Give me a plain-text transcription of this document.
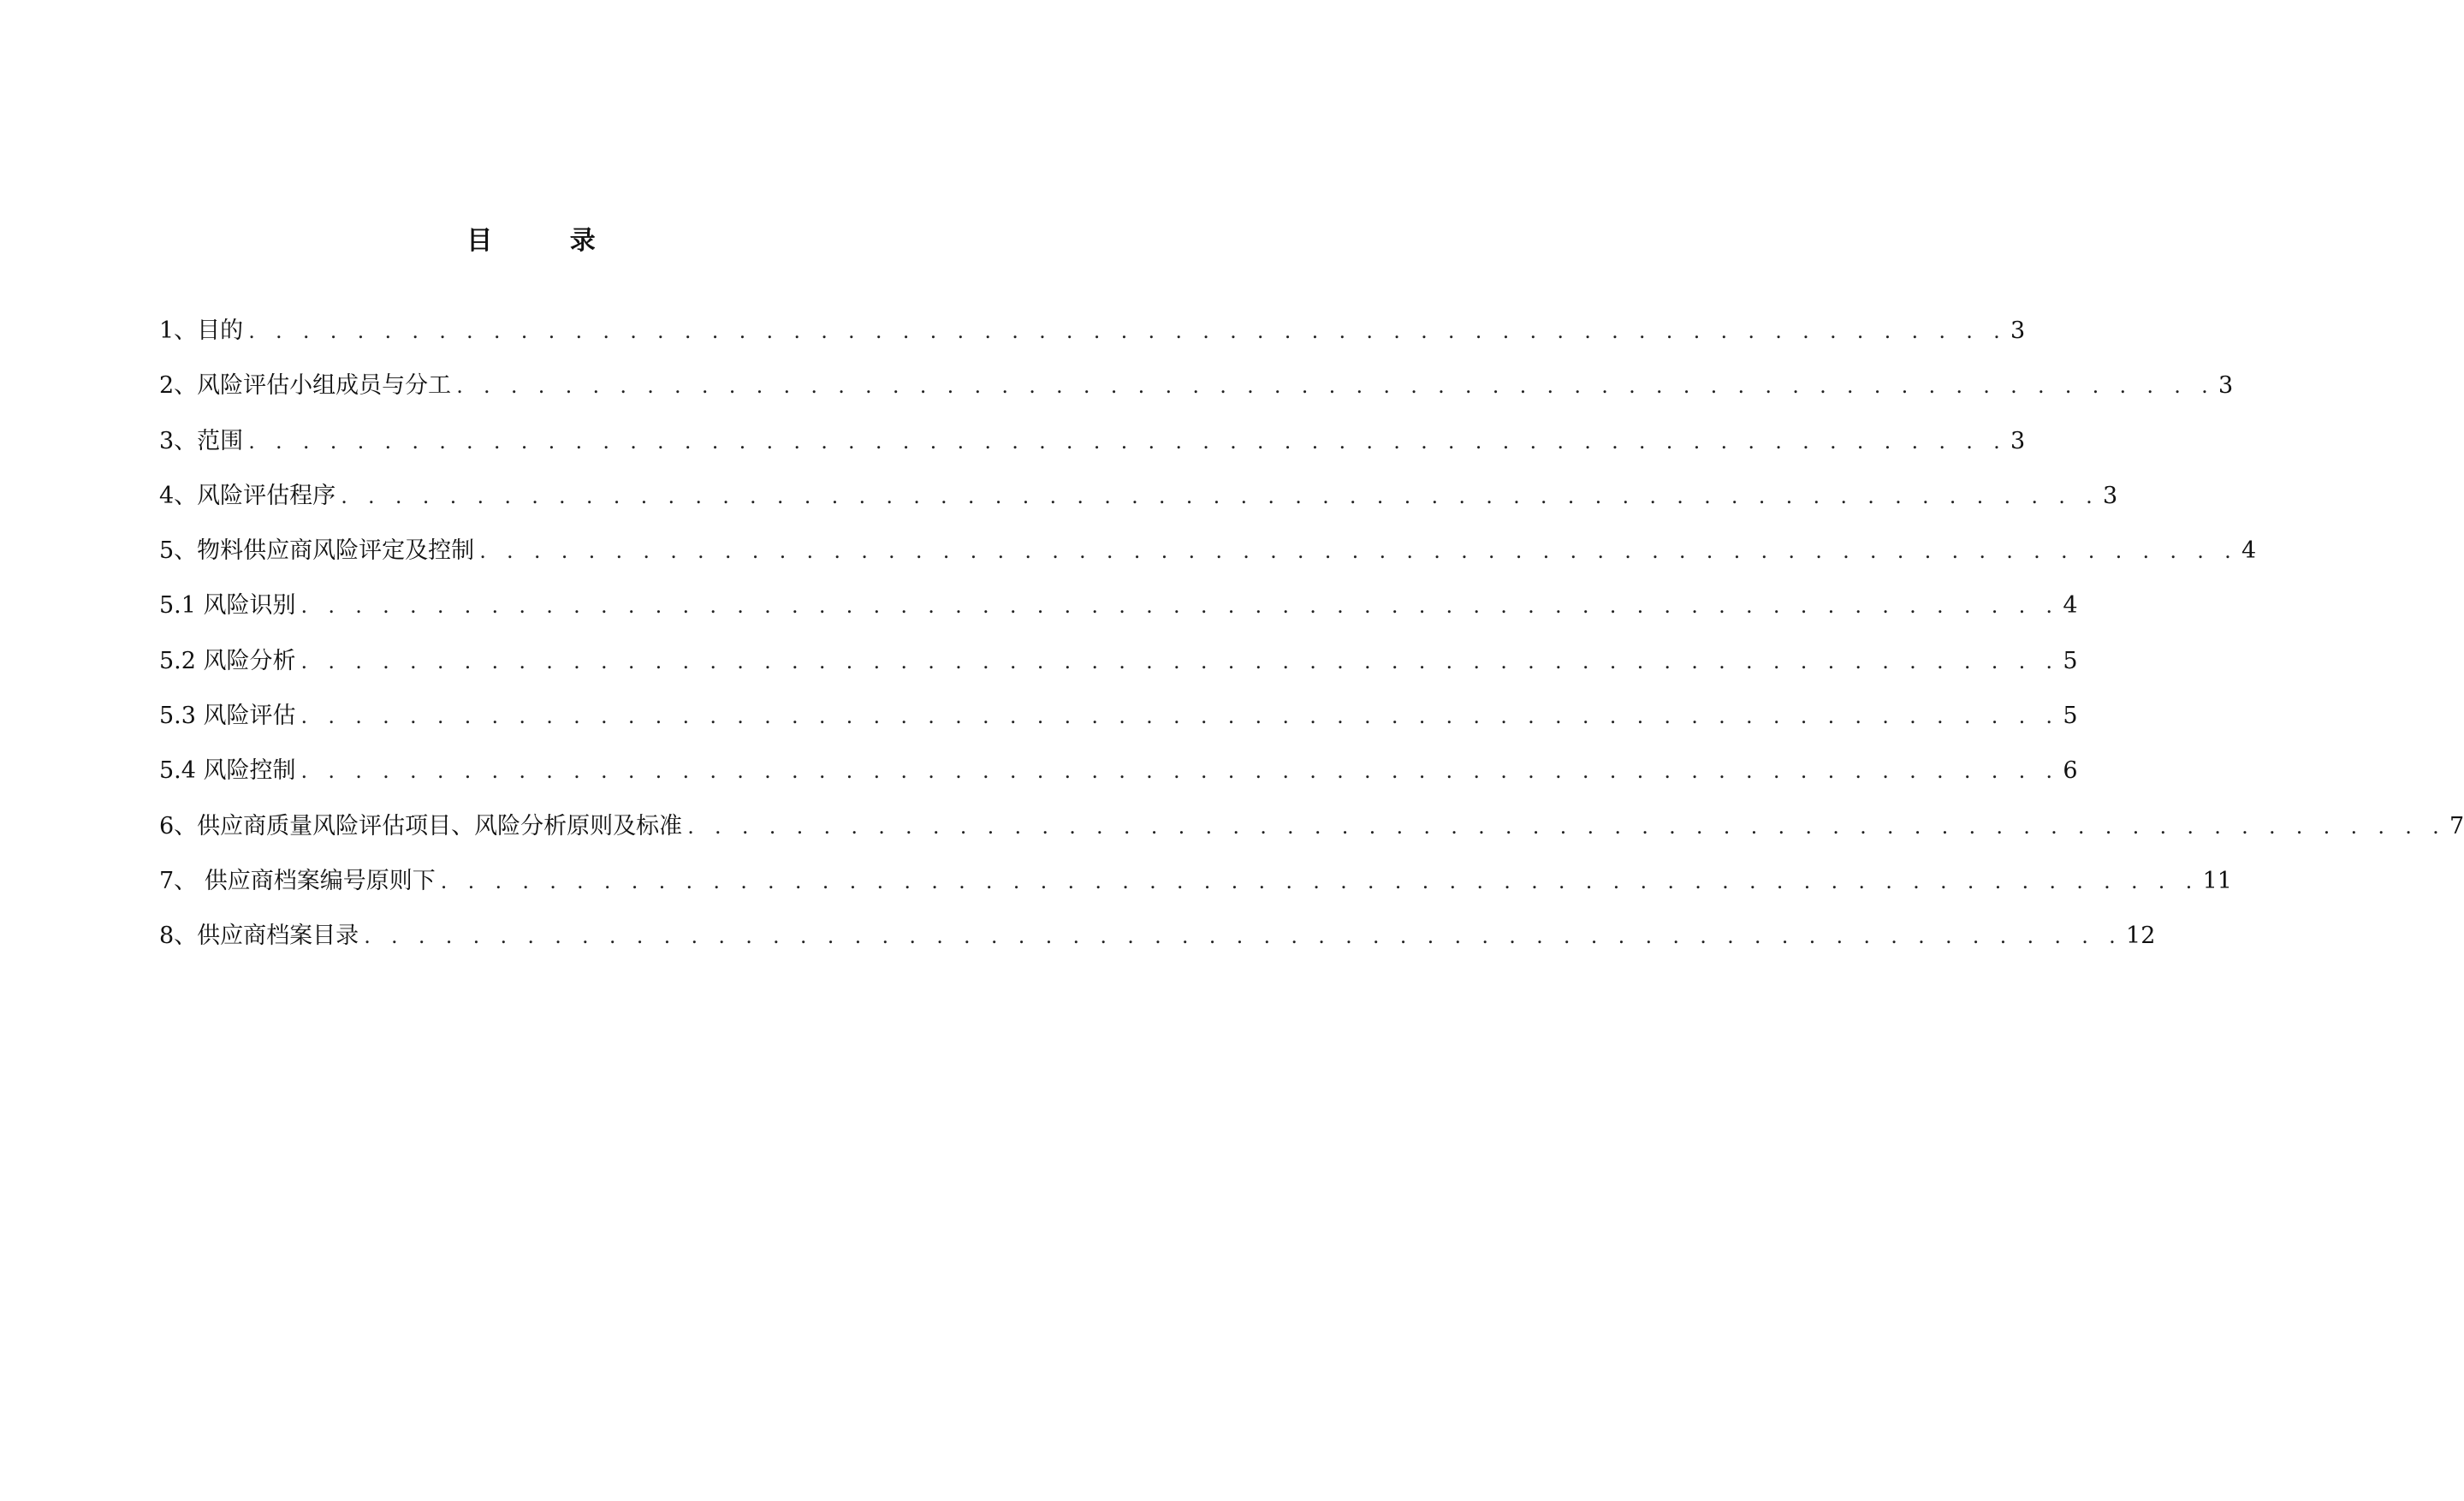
目 录
1、目的 . . . . . . . . . . . . . . . . . . . . . . . . . . . . . . . . . . . . . . . . . . . . . . . . . . . . . . . . . . . . . . . . . 3
2、风险评估小组成员与分工 . . . . . . . . . . . . . . . . . . . . . . . . . . . . . . . . . . . . . . . . . . . . . . . . . . . . . . . . . . . . . . . . . 3
3、范围 . . . . . . . . . . . . . . . . . . . . . . . . . . . . . . . . . . . . . . . . . . . . . . . . . . . . . . . . . . . . . . . . . 3
4、风险评估程序 . . . . . . . . . . . . . . . . . . . . . . . . . . . . . . . . . . . . . . . . . . . . . . . . . . . . . . . . . . . . . . . . . 3
5、物料供应商风险评定及控制 . . . . . . . . . . . . . . . . . . . . . . . . . . . . . . . . . . . . . . . . . . . . . . . . . . . . . . . . . . . . . . . . . 4
5.1 风险识别 . . . . . . . . . . . . . . . . . . . . . . . . . . . . . . . . . . . . . . . . . . . . . . . . . . . . . . . . . . . . . . . . . 4
5.2 风险分析 . . . . . . . . . . . . . . . . . . . . . . . . . . . . . . . . . . . . . . . . . . . . . . . . . . . . . . . . . . . . . . . . . 5
5.3 风险评估 . . . . . . . . . . . . . . . . . . . . . . . . . . . . . . . . . . . . . . . . . . . . . . . . . . . . . . . . . . . . . . . . . 5
5.4 风险控制 . . . . . . . . . . . . . . . . . . . . . . . . . . . . . . . . . . . . . . . . . . . . . . . . . . . . . . . . . . . . . . . . . 6
6、供应商质量风险评估项目、风险分析原则及标准 . . . . . . . . . . . . . . . . . . . . . . . . . . . . . . . . . . . . . . . . . . . . . . . . . . . . . . . . . . . . . . . . . 7
7、 供应商档案编号原则下 . . . . . . . . . . . . . . . . . . . . . . . . . . . . . . . . . . . . . . . . . . . . . . . . . . . . . . . . . . . . . . . . . 11
8、供应商档案目录 . . . . . . . . . . . . . . . . . . . . . . . . . . . . . . . . . . . . . . . . . . . . . . . . . . . . . . . . . . . . . . . . . 12
